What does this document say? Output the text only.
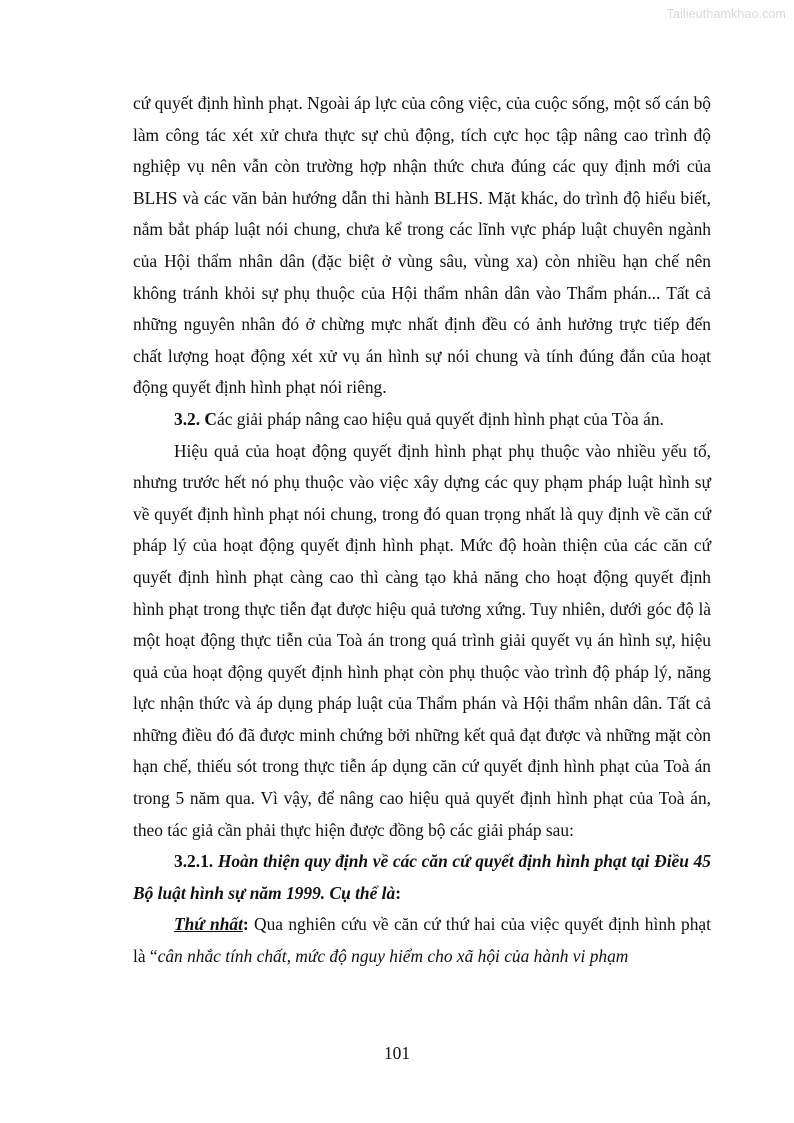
Tailieuthamkhao.com

cứ quyết định hình phạt. Ngoài áp lực của công việc, của cuộc sống, một số cán bộ làm công tác xét xử chưa thực sự chủ động, tích cực học tập nâng cao trình độ nghiệp vụ nên vẫn còn trường hợp nhận thức chưa đúng các quy định mới của BLHS và các văn bản hướng dẫn thi hành BLHS. Mặt khác, do trình độ hiểu biết, nắm bắt pháp luật nói chung, chưa kể trong các lĩnh vực pháp luật chuyên ngành của Hội thẩm nhân dân (đặc biệt ở vùng sâu, vùng xa) còn nhiều hạn chế nên không tránh khỏi sự phụ thuộc của Hội thẩm nhân dân vào Thẩm phán... Tất cả những nguyên nhân đó ở chừng mực nhất định đều có ảnh hưởng trực tiếp đến chất lượng hoạt động xét xử vụ án hình sự nói chung và tính đúng đắn của hoạt động quyết định hình phạt nói riêng.

3.2. Các giải pháp nâng cao hiệu quả quyết định hình phạt của Tòa án.

Hiệu quả của hoạt động quyết định hình phạt phụ thuộc vào nhiều yếu tố, nhưng trước hết nó phụ thuộc vào việc xây dựng các quy phạm pháp luật hình sự về quyết định hình phạt nói chung, trong đó quan trọng nhất là quy định về căn cứ pháp lý của hoạt động quyết định hình phạt. Mức độ hoàn thiện của các căn cứ quyết định hình phạt càng cao thì càng tạo khả năng cho hoạt động quyết định hình phạt trong thực tiễn đạt được hiệu quả tương xứng. Tuy nhiên, dưới góc độ là một hoạt động thực tiễn của Toà án trong quá trình giải quyết vụ án hình sự, hiệu quả của hoạt động quyết định hình phạt còn phụ thuộc vào trình độ pháp lý, năng lực nhận thức và áp dụng pháp luật của Thẩm phán và Hội thẩm nhân dân. Tất cả những điều đó đã được minh chứng bởi những kết quả đạt được và những mặt còn hạn chế, thiếu sót trong thực tiễn áp dụng căn cứ quyết định hình phạt của Toà án trong 5 năm qua. Vì vậy, để nâng cao hiệu quả quyết định hình phạt của Toà án, theo tác giả cần phải thực hiện được đồng bộ các giải pháp sau:

3.2.1. Hoàn thiện quy định về các căn cứ quyết định hình phạt tại Điều 45 Bộ luật hình sự năm 1999. Cụ thể là:

Thứ nhất: Qua nghiên cứu về căn cứ thứ hai của việc quyết định hình phạt là “cân nhắc tính chất, mức độ nguy hiểm cho xã hội của hành vi phạm

101
